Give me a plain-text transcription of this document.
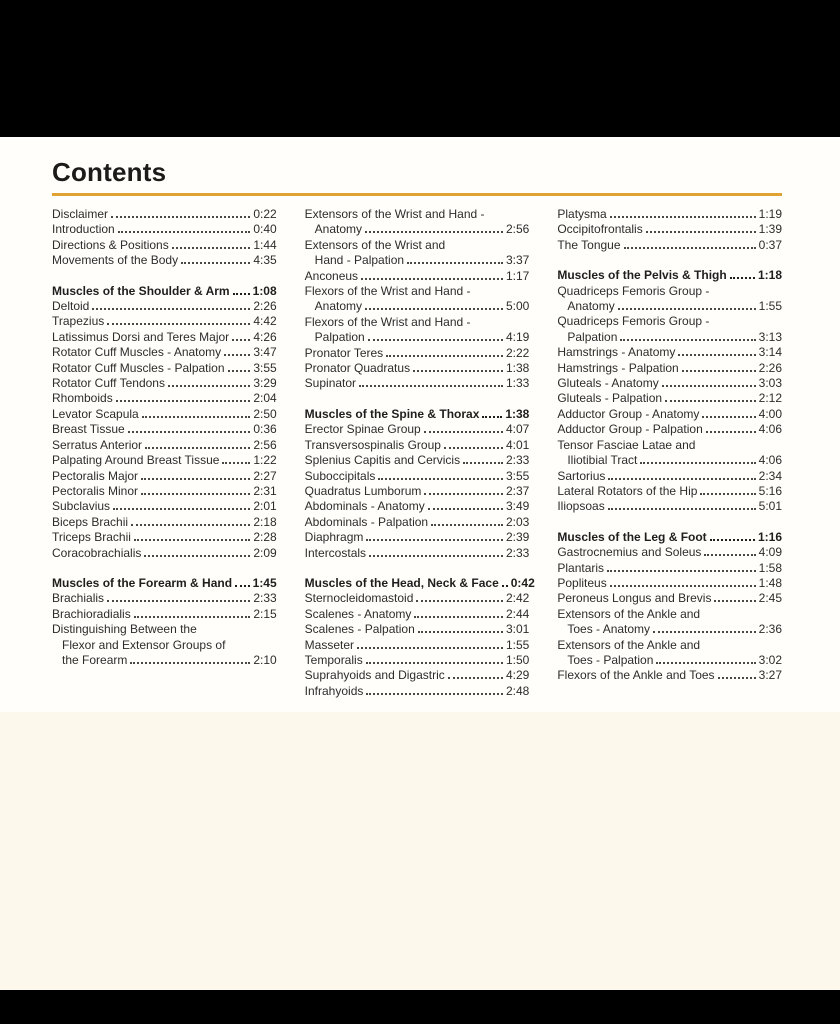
Contents
Disclaimer	0:22
Introduction	0:40
Directions & Positions	1:44
Movements of the Body	4:35
Muscles of the Shoulder & Arm 1:08
Deltoid	2:26
Trapezius	4:42
Latissimus Dorsi and Teres Major 4:26
Rotator Cuff Muscles - Anatomy	3:47
Rotator Cuff Muscles - Palpation 3:55
Rotator Cuff Tendons	3:29
Rhomboids	2:04
Levator Scapula	2:50
Breast Tissue	0:36
Serratus Anterior	2:56
Palpating Around Breast Tissue	1:22
Pectoralis Major	2:27
Pectoralis Minor	2:31
Subclavius	2:01
Biceps Brachii	2:18
Triceps Brachii	2:28
Coracobrachialis	2:09
Muscles of the Forearm & Hand 1:45
Brachialis	2:33
Brachioradialis	2:15
Distinguishing Between the
Flexor and Extensor Groups of
the Forearm	2:10
Extensors of the Wrist and Hand -
Anatomy	2:56
Extensors of the Wrist and
Hand - Palpation	3:37
Anconeus	1:17
Flexors of the Wrist and Hand -
Anatomy	5:00
Flexors of the Wrist and Hand -
Palpation	4:19
Pronator Teres	2:22
Pronator Quadratus	1:38
Supinator	1:33
Muscles of the Spine & Thorax 1:38
Erector Spinae Group	4:07
Transversospinalis Group	4:01
Splenius Capitis and Cervicis	2:33
Suboccipitals	3:55
Quadratus Lumborum	2:37
Abdominals - Anatomy	3:49
Abdominals - Palpation	2:03
Diaphragm	2:39
Intercostals	2:33
Muscles of the Head, Neck & Face 0:42
Sternocleidomastoid	2:42
Scalenes - Anatomy	2:44
Scalenes - Palpation	3:01
Masseter	1:55
Temporalis	1:50
Suprahyoids and Digastric	4:29
Infrahyoids	2:48
Platysma	1:19
Occipitofrontalis	1:39
The Tongue	0:37
Muscles of the Pelvis & Thigh	1:18
Quadriceps Femoris Group -
Anatomy	1:55
Quadriceps Femoris Group -
Palpation	3:13
Hamstrings - Anatomy	3:14
Hamstrings - Palpation	2:26
Gluteals - Anatomy	3:03
Gluteals - Palpation	2:12
Adductor Group - Anatomy	4:00
Adductor Group - Palpation	4:06
Tensor Fasciae Latae and
Iliotibial Tract	4:06
Sartorius	2:34
Lateral Rotators of the Hip	5:16
Iliopsoas	5:01
Muscles of the Leg & Foot	1:16
Gastrocnemius and Soleus	4:09
Plantaris	1:58
Popliteus	1:48
Peroneus Longus and Brevis	2:45
Extensors of the Ankle and
Toes - Anatomy	2:36
Extensors of the Ankle and
Toes - Palpation	3:02
Flexors of the Ankle and Toes	3:27
